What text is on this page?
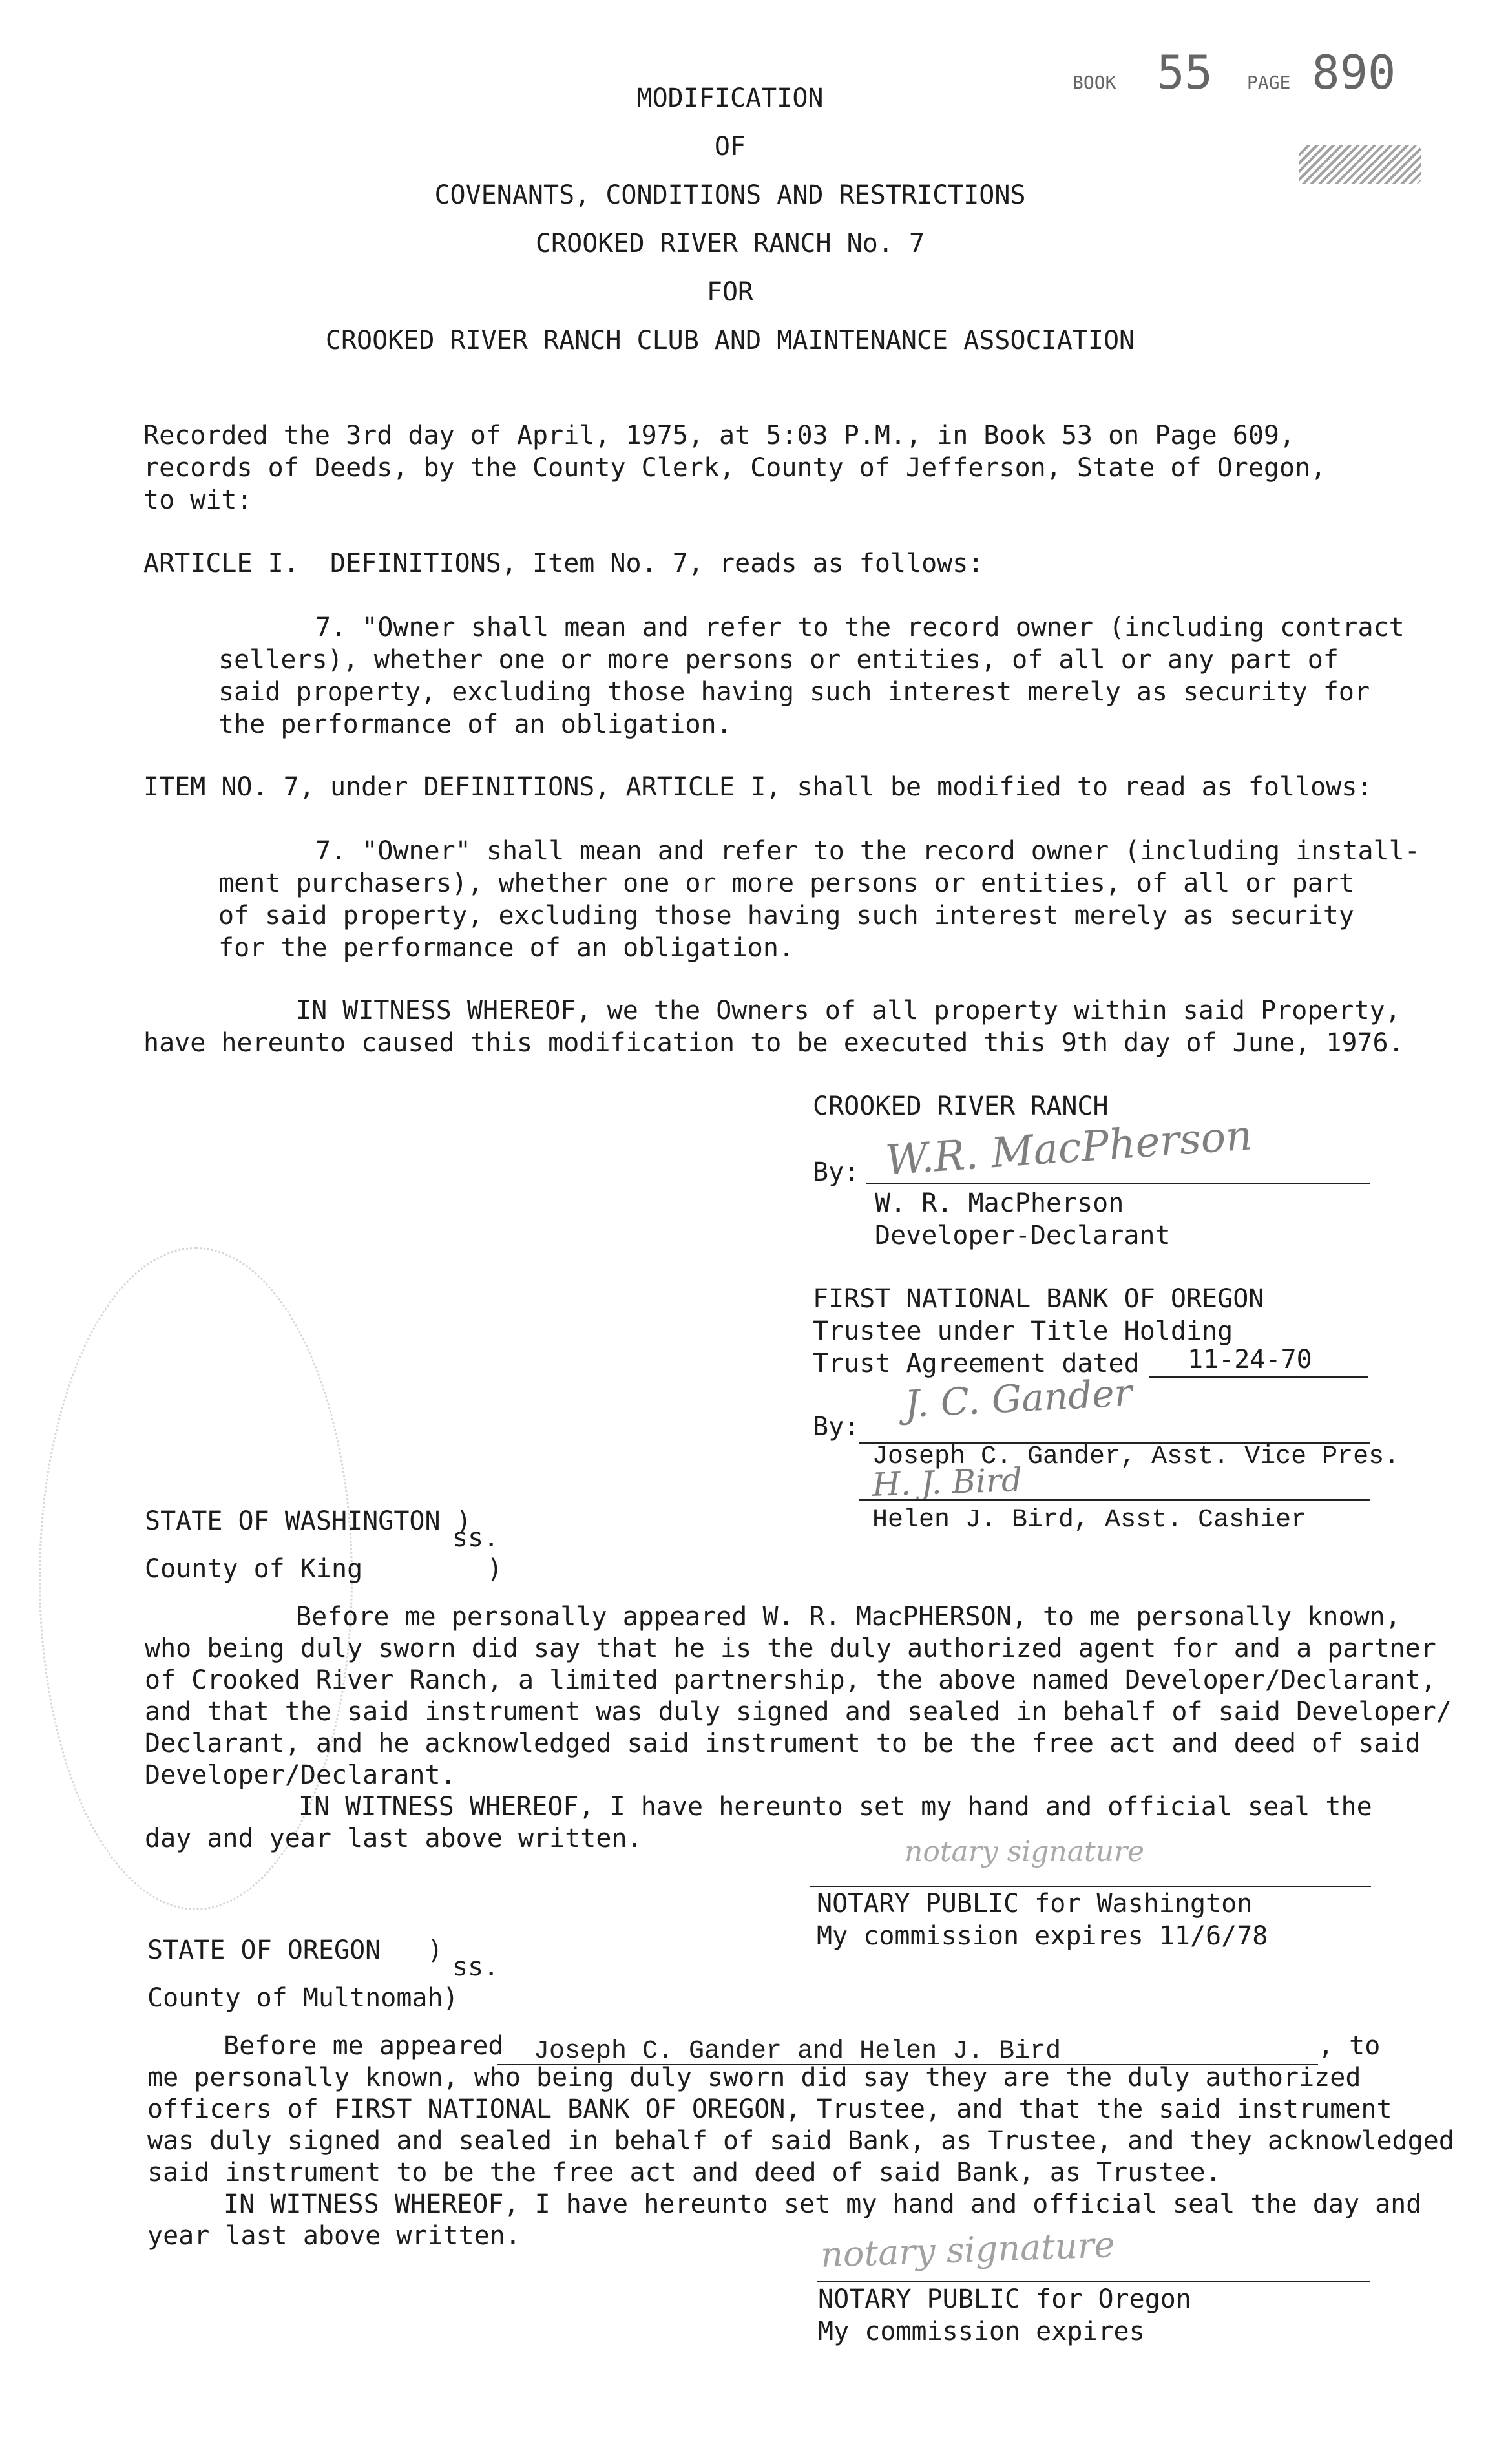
BOOK 55 PAGE 890
MODIFICATION
OF
COVENANTS, CONDITIONS AND RESTRICTIONS
CROOKED RIVER RANCH No. 7
FOR
CROOKED RIVER RANCH CLUB AND MAINTENANCE ASSOCIATION
Recorded the 3rd day of April, 1975, at 5:03 P.M., in Book 53 on Page 609,
records of Deeds, by the County Clerk, County of Jefferson, State of Oregon,
to wit:
ARTICLE I.  DEFINITIONS, Item No. 7, reads as follows:
7. "Owner shall mean and refer to the record owner (including contract
sellers), whether one or more persons or entities, of all or any part of
said property, excluding those having such interest merely as security for
the performance of an obligation.
ITEM NO. 7, under DEFINITIONS, ARTICLE I, shall be modified to read as follows:
7. "Owner" shall mean and refer to the record owner (including install-
ment purchasers), whether one or more persons or entities, of all or part
of said property, excluding those having such interest merely as security
for the performance of an obligation.
IN WITNESS WHEREOF, we the Owners of all property within said Property,
have hereunto caused this modification to be executed this 9th day of June, 1976.
CROOKED RIVER RANCH
By: W.R. MacPherson
W. R. MacPherson
Developer-Declarant
FIRST NATIONAL BANK OF OREGON
Trustee under Title Holding
Trust Agreement dated 11-24-70
By:
J. C. Gander
Joseph C. Gander, Asst. Vice Pres.
H. J. Bird
Helen J. Bird, Asst. Cashier
STATE OF WASHINGTON )
ss.
County of King        )
Before me personally appeared W. R. MacPHERSON, to me personally known,
who being duly sworn did say that he is the duly authorized agent for and a partner
of Crooked River Ranch, a limited partnership, the above named Developer/Declarant,
and that the said instrument was duly signed and sealed in behalf of said Developer/
Declarant, and he acknowledged said instrument to be the free act and deed of said
Developer/Declarant.
IN WITNESS WHEREOF, I have hereunto set my hand and official seal the
day and year last above written.	notary signature
NOTARY PUBLIC for Washington
My commission expires 11/6/78
STATE OF OREGON   )
ss.
County of Multnomah)
Before me appeared Joseph C. Gander and Helen J. Bird	, to
me personally known, who being duly sworn did say they are the duly authorized
officers of FIRST NATIONAL BANK OF OREGON, Trustee, and that the said instrument
was duly signed and sealed in behalf of said Bank, as Trustee, and they acknowledged
said instrument to be the free act and deed of said Bank, as Trustee.
IN WITNESS WHEREOF, I have hereunto set my hand and official seal the day and
year last above written.	notary signature
NOTARY PUBLIC for Oregon
My commission expires
